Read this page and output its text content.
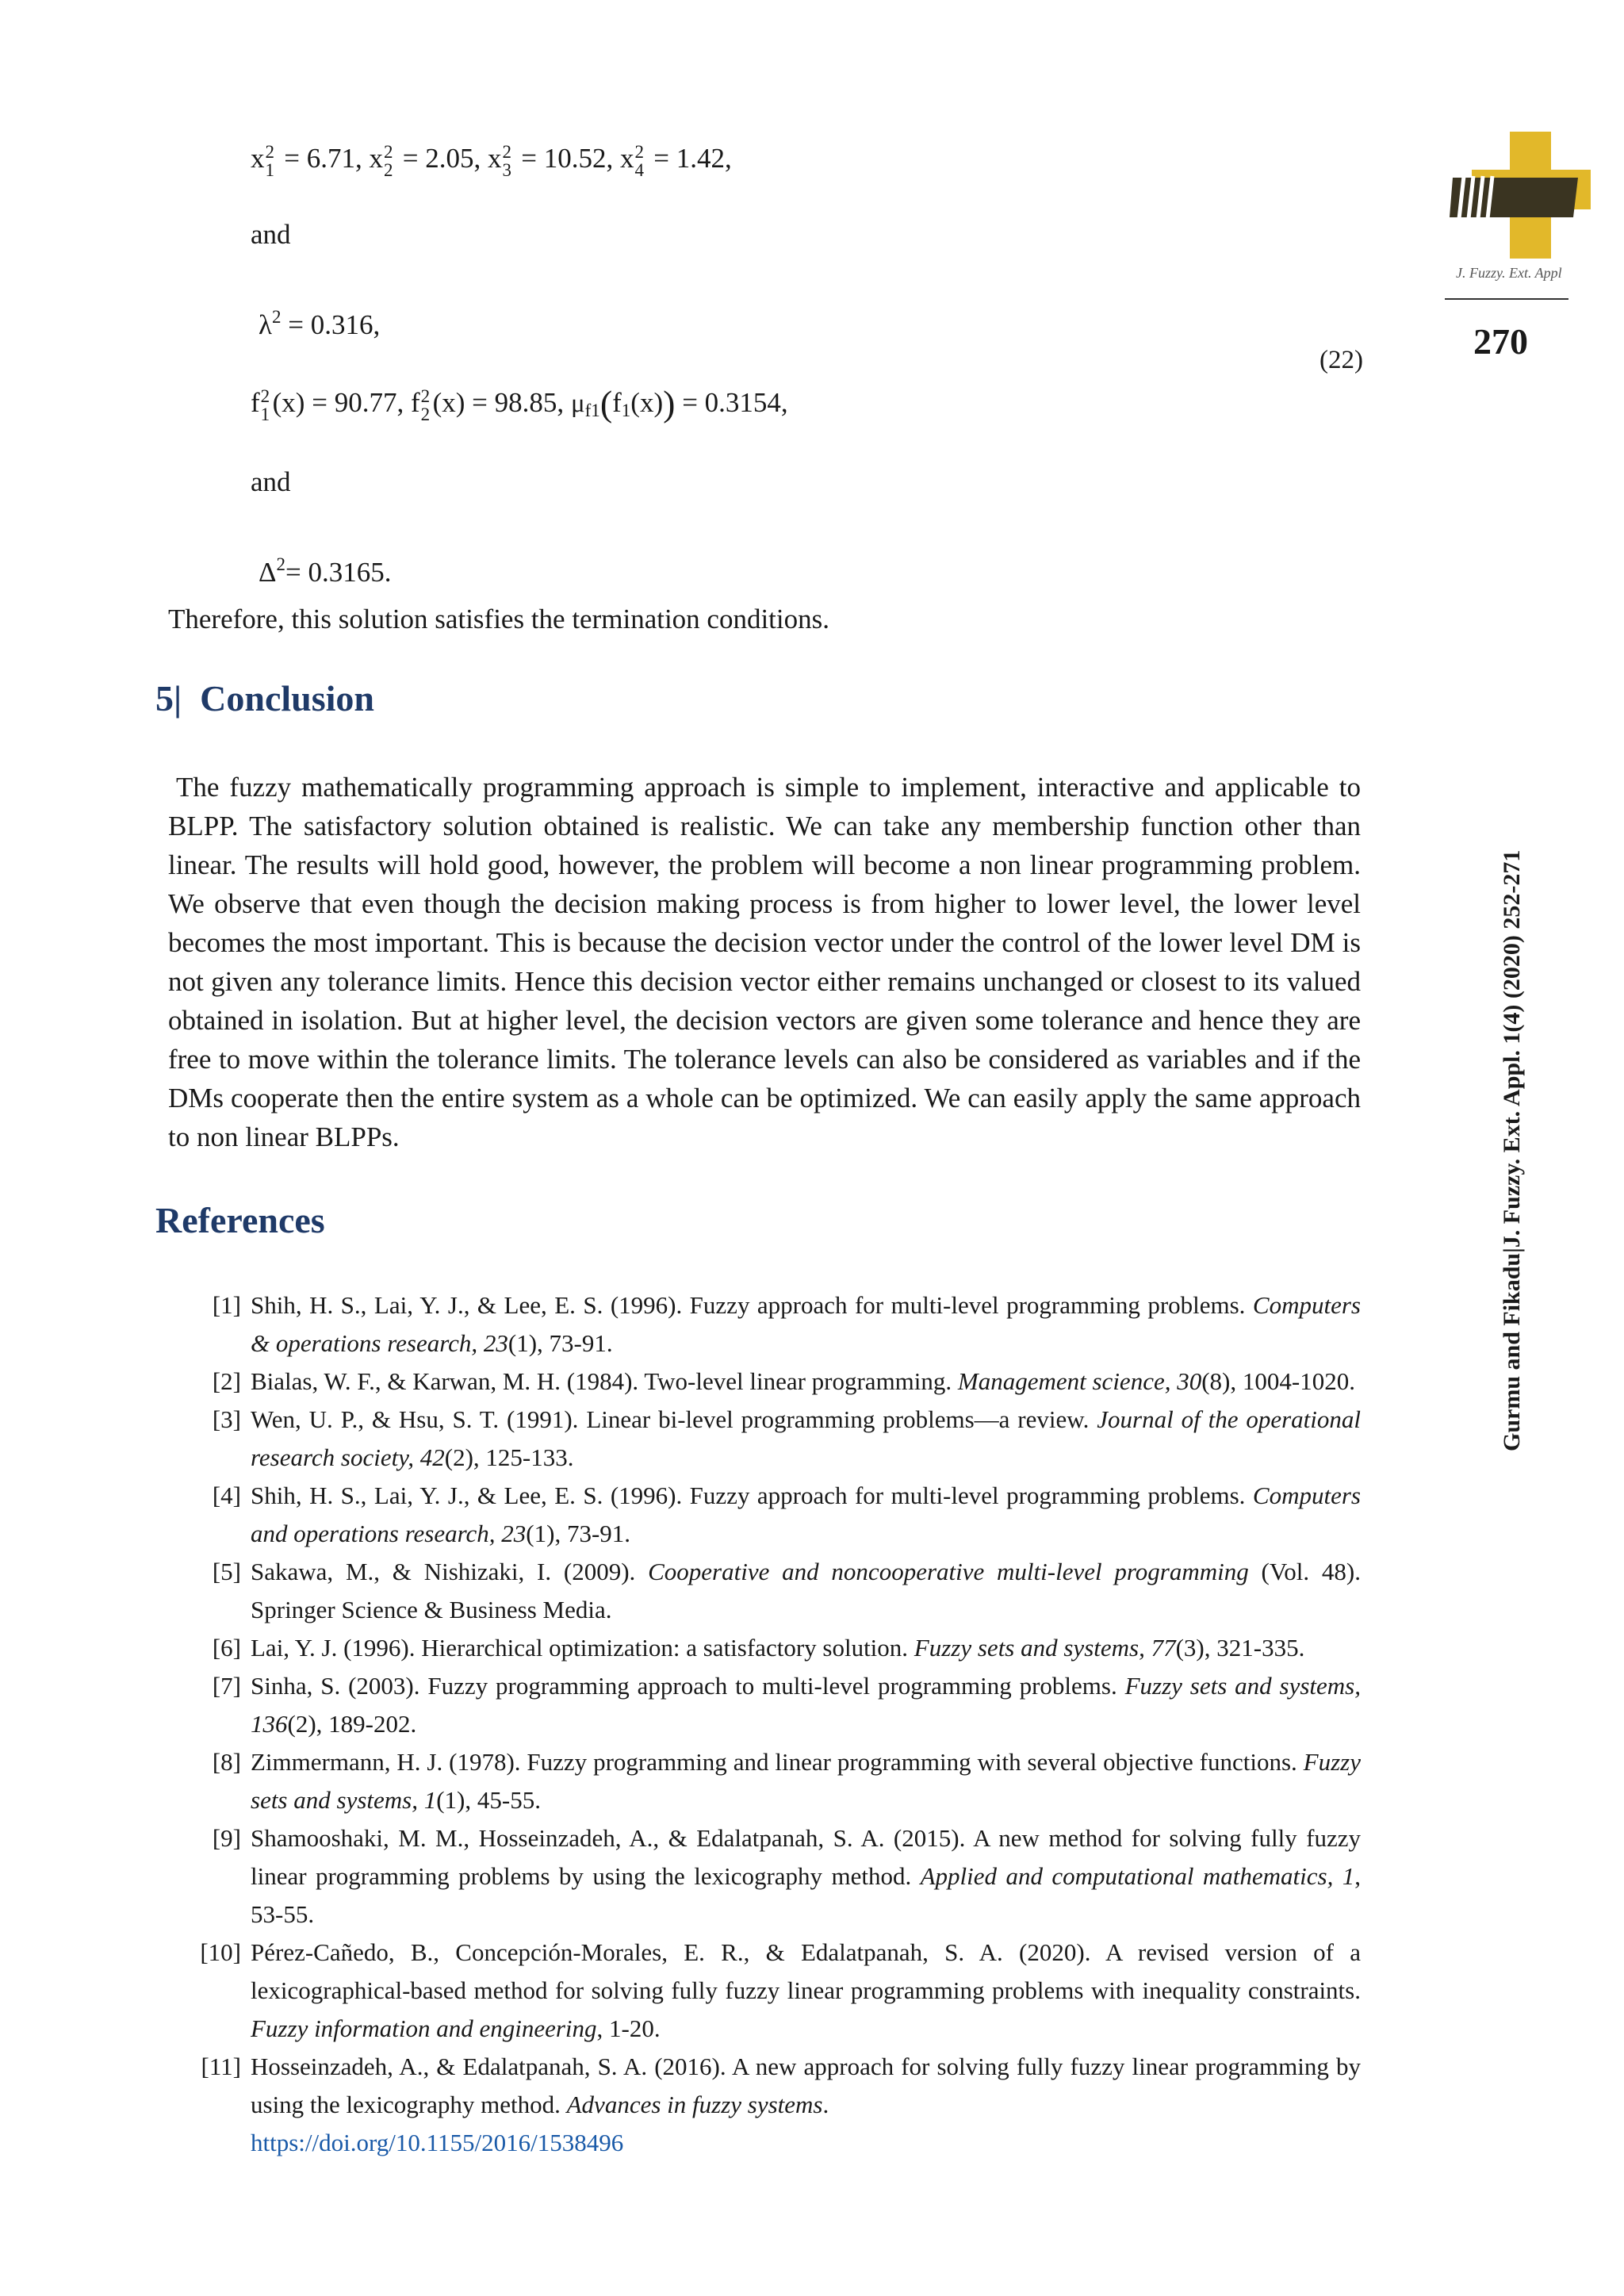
x 2
1 = 6.71, x 2
2 = 2.05, x 2
3 = 10.52, x 2
4 = 1.42,
and
$\lambda^2 = 0.316$,
f 2
1 (x) = 90.77, f 2
2 (x) = 98.85, $\mu_{f1}(f_1(x)) = 0.3154$,
(22)
and
$\Delta^2= 0.3165$.
Therefore, this solution satisfies the termination conditions.
5| Conclusion
The fuzzy mathematically programming approach is simple to implement, interactive and applicable to BLPP. The satisfactory solution obtained is realistic. We can take any membership function other than linear. The results will hold good, however, the problem will become a non linear programming problem. We observe that even though the decision making process is from higher to lower level, the lower level becomes the most important. This is because the decision vector under the control of the lower level DM is not given any tolerance limits. Hence this decision vector either remains unchanged or closest to its valued obtained in isolation. But at higher level, the decision vectors are given some tolerance and hence they are free to move within the tolerance limits. The tolerance levels can also be considered as variables and if the DMs cooperate then the entire system as a whole can be optimized. We can easily apply the same approach to non linear BLPPs.
References
[1] Shih, H. S., Lai, Y. J., & Lee, E. S. (1996). Fuzzy approach for multi-level programming problems. Computers & operations research, 23(1), 73-91.
[2] Bialas, W. F., & Karwan, M. H. (1984). Two-level linear programming. Management science, 30(8), 1004-1020.
[3] Wen, U. P., & Hsu, S. T. (1991). Linear bi-level programming problems—a review. Journal of the operational research society, 42(2), 125-133.
[4] Shih, H. S., Lai, Y. J., & Lee, E. S. (1996). Fuzzy approach for multi-level programming problems. Computers and operations research, 23(1), 73-91.
[5] Sakawa, M., & Nishizaki, I. (2009). Cooperative and noncooperative multi-level programming (Vol. 48). Springer Science & Business Media.
[6] Lai, Y. J. (1996). Hierarchical optimization: a satisfactory solution. Fuzzy sets and systems, 77(3), 321-335.
[7] Sinha, S. (2003). Fuzzy programming approach to multi-level programming problems. Fuzzy sets and systems, 136(2), 189-202.
[8] Zimmermann, H. J. (1978). Fuzzy programming and linear programming with several objective functions. Fuzzy sets and systems, 1(1), 45-55.
[9] Shamooshaki, M. M., Hosseinzadeh, A., & Edalatpanah, S. A. (2015). A new method for solving fully fuzzy linear programming problems by using the lexicography method. Applied and computational mathematics, 1, 53-55.
[10] Pérez-Cañedo, B., Concepción-Morales, E. R., & Edalatpanah, S. A. (2020). A revised version of a lexicographical-based method for solving fully fuzzy linear programming problems with inequality constraints. Fuzzy information and engineering, 1-20.
[11] Hosseinzadeh, A., & Edalatpanah, S. A. (2016). A new approach for solving fully fuzzy linear programming by using the lexicography method. Advances in fuzzy systems.
https://doi.org/10.1155/2016/1538496
J. Fuzzy. Ext. Appl
270
Gurmu and Fikadu|J. Fuzzy. Ext. Appl. 1(4) (2020) 252-271
